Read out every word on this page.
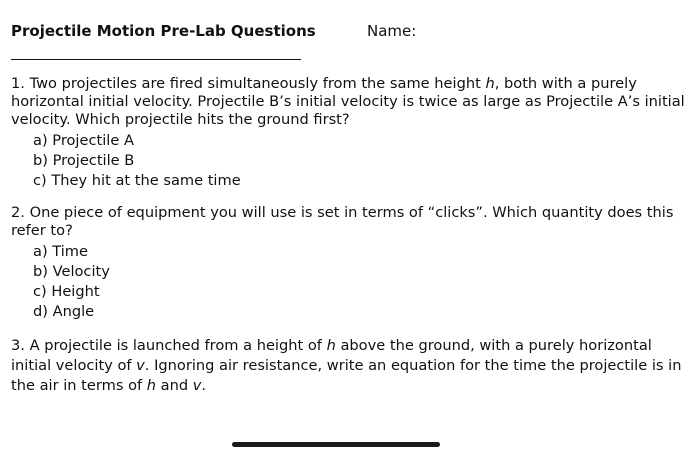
Projectile Motion Pre-Lab Questions	Name:

1. Two projectiles are fired simultaneously from the same height h, both with a purely horizontal initial velocity. Projectile B’s initial velocity is twice as large as Projectile A’s initial velocity. Which projectile hits the ground first?

a) Projectile A
b) Projectile B
c) They hit at the same time

2. One piece of equipment you will use is set in terms of “clicks”. Which quantity does this refer to?

a) Time
b) Velocity
c) Height
d) Angle

3. A projectile is launched from a height of h above the ground, with a purely horizontal initial velocity of v. Ignoring air resistance, write an equation for the time the projectile is in the air in terms of h and v.
